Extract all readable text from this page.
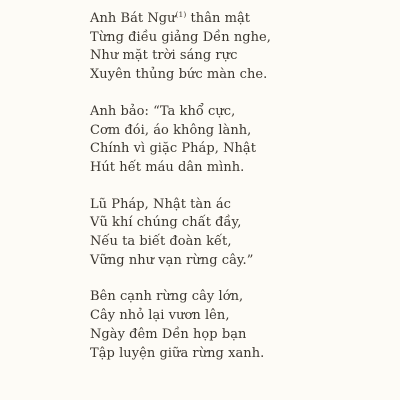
Anh Bát Ngư$^{(1)}$ thân mật
Từng điều giảng Dền nghe,
Như mặt trời sáng rực
Xuyên thủng bức màn che.
Anh bảo: “Ta khổ cực,
Cơm đói, áo không lành,
Chính vì giặc Pháp, Nhật
Hút hết máu dân mình.
Lũ Pháp, Nhật tàn ác
Vũ khí chúng chất đầy,
Nếu ta biết đoàn kết,
Vững như vạn rừng cây.”
Bên cạnh rừng cây lớn,
Cây nhỏ lại vươn lên,
Ngày đêm Dền họp bạn
Tập luyện giữa rừng xanh.
